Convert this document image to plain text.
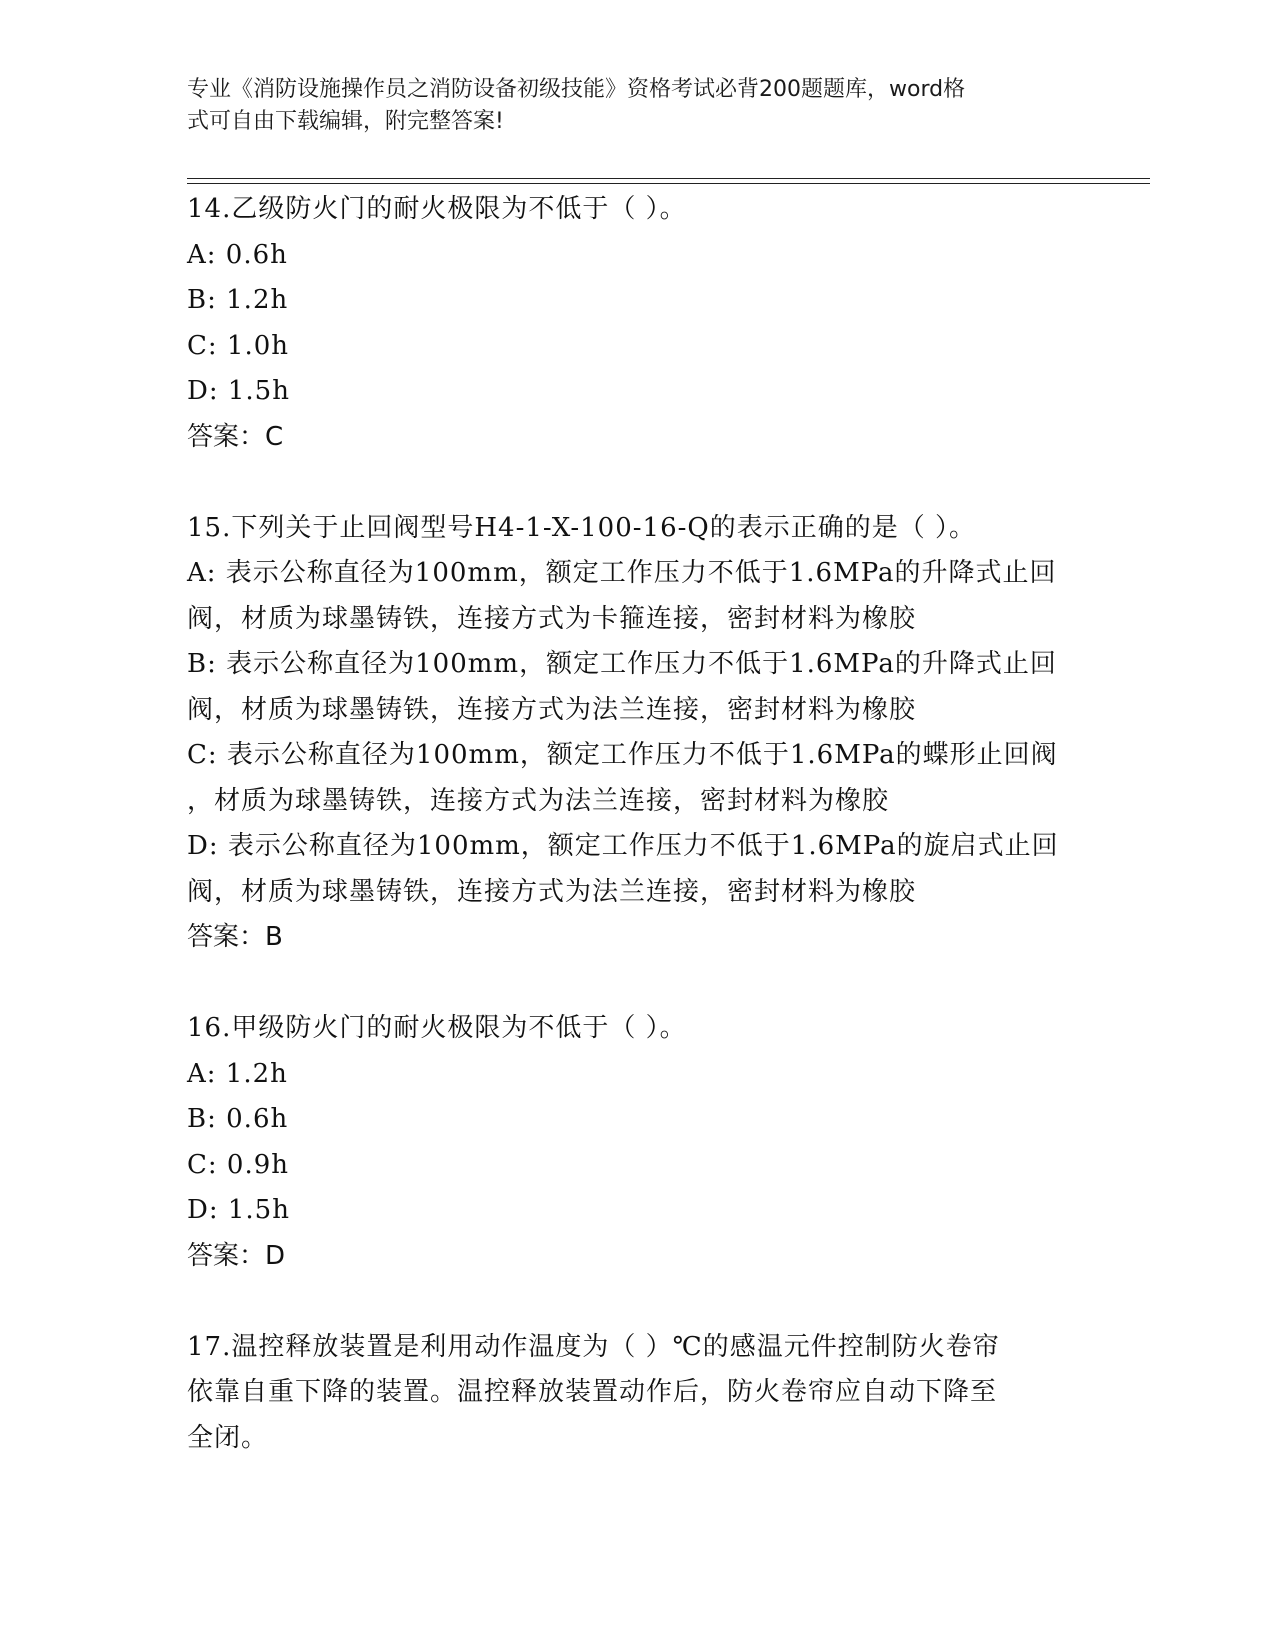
专业《消防设施操作员之消防设备初级技能》资格考试必背200题题库，word格
式可自由下载编辑，附完整答案!
14.乙级防火门的耐火极限为不低于（ ）。
A: 0.6h
B: 1.2h
C: 1.0h
D: 1.5h
答案：C
15.下列关于止回阀型号H4-1-X-100-16-Q的表示正确的是（ ）。
A: 表示公称直径为100mm，额定工作压力不低于1.6MPa的升降式止回
阀，材质为球墨铸铁，连接方式为卡箍连接，密封材料为橡胶
B: 表示公称直径为100mm，额定工作压力不低于1.6MPa的升降式止回
阀，材质为球墨铸铁，连接方式为法兰连接，密封材料为橡胶
C: 表示公称直径为100mm，额定工作压力不低于1.6MPa的蝶形止回阀
，材质为球墨铸铁，连接方式为法兰连接，密封材料为橡胶
D: 表示公称直径为100mm，额定工作压力不低于1.6MPa的旋启式止回
阀，材质为球墨铸铁，连接方式为法兰连接，密封材料为橡胶
答案：B
16.甲级防火门的耐火极限为不低于（ ）。
A: 1.2h
B: 0.6h
C: 0.9h
D: 1.5h
答案：D
17.温控释放装置是利用动作温度为（ ）℃的感温元件控制防火卷帘
依靠自重下降的装置。温控释放装置动作后，防火卷帘应自动下降至
全闭。
